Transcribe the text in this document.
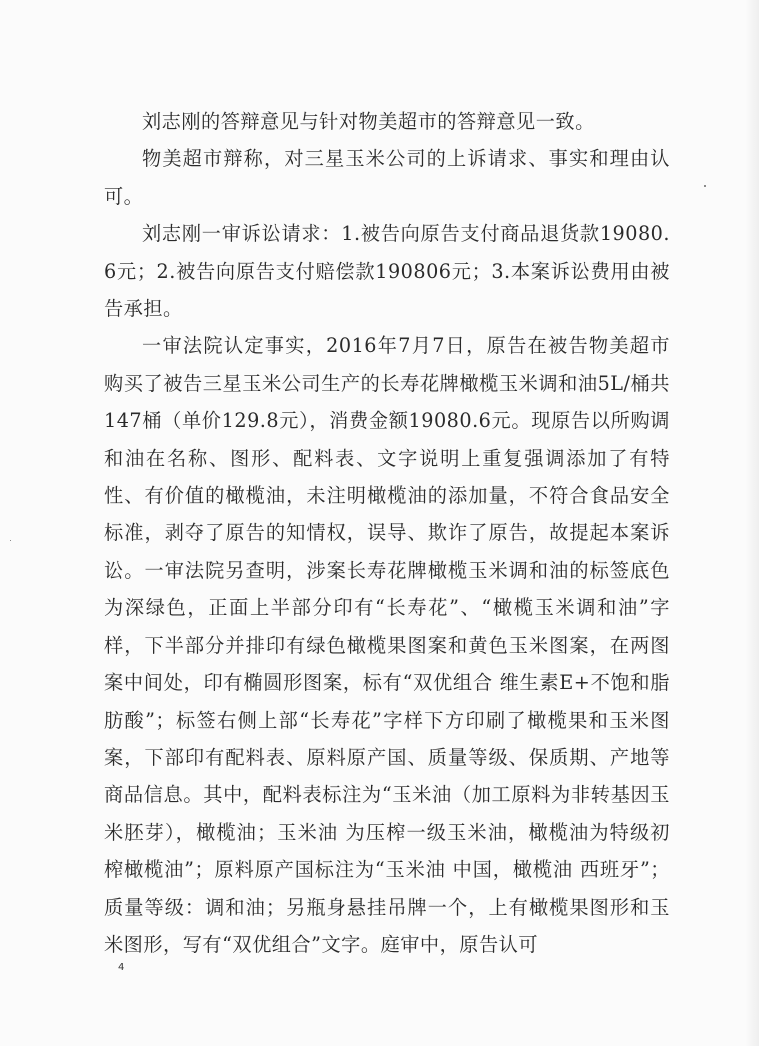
刘志刚的答辩意见与针对物美超市的答辩意见一致。

物美超市辩称，对三星玉米公司的上诉请求、事实和理由认可。

刘志刚一审诉讼请求：1.被告向原告支付商品退货款19080.6元；2.被告向原告支付赔偿款190806元；3.本案诉讼费用由被告承担。

一审法院认定事实，2016年7月7日，原告在被告物美超市购买了被告三星玉米公司生产的长寿花牌橄榄玉米调和油5L/桶共147桶（单价129.8元），消费金额19080.6元。现原告以所购调和油在名称、图形、配料表、文字说明上重复强调添加了有特性、有价值的橄榄油，未注明橄榄油的添加量，不符合食品安全标准，剥夺了原告的知情权，误导、欺诈了原告，故提起本案诉讼。一审法院另查明，涉案长寿花牌橄榄玉米调和油的标签底色为深绿色，正面上半部分印有“长寿花”、“橄榄玉米调和油”字样，下半部分并排印有绿色橄榄果图案和黄色玉米图案，在两图案中间处，印有椭圆形图案，标有“双优组合 维生素E+不饱和脂肪酸”；标签右侧上部“长寿花”字样下方印刷了橄榄果和玉米图案，下部印有配料表、原料原产国、质量等级、保质期、产地等商品信息。其中，配料表标注为“玉米油（加工原料为非转基因玉米胚芽），橄榄油；玉米油 为压榨一级玉米油，橄榄油为特级初榨橄榄油”；原料原产国标注为“玉米油 中国，橄榄油 西班牙”；质量等级：调和油；另瓶身悬挂吊牌一个，上有橄榄果图形和玉米图形，写有“双优组合”文字。庭审中，原告认可

4
